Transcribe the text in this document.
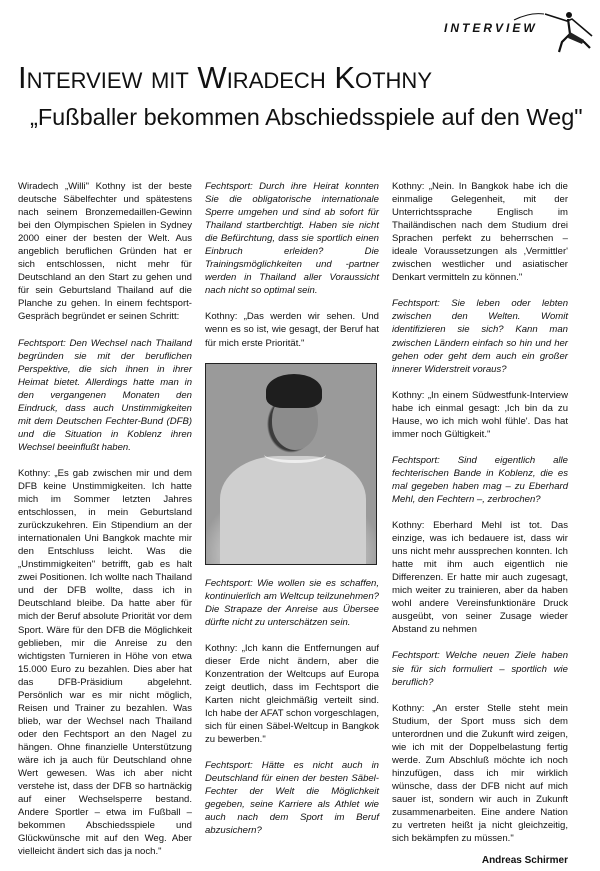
INTERVIEW
Interview mit Wiradech Kothny
„Fußballer bekommen Abschiedsspiele auf den Weg"

Wiradech „Willi" Kothny ist der beste deutsche Säbelfechter und spätestens nach seinem Bronzemedaillen-Gewinn bei den Olympischen Spielen in Sydney 2000 einer der besten der Welt. Aus angeblich beruflichen Gründen hat er sich entschlossen, nicht mehr für Deutschland an den Start zu gehen und für sein Geburtsland Thailand auf die Planche zu gehen. In einem fechtsport-Gespräch begründet er seinen Schritt:

Fechtsport: Den Wechsel nach Thailand begründen sie mit der beruflichen Perspektive, die sich ihnen in ihrer Heimat bietet. Allerdings hatte man in den vergangenen Monaten den Eindruck, dass auch Unstimmigkeiten mit dem Deutschen Fechter-Bund (DFB) und die Situation in Koblenz ihren Wechsel beeinflußt haben.

Kothny: „Es gab zwischen mir und dem DFB keine Unstimmigkeiten. Ich hatte mich im Sommer letzten Jahres entschlossen, in mein Geburtsland zurückzukehren. Ein Stipendium an der internationalen Uni Bangkok machte mir den Entschluss leicht. Was die „Unstimmigkeiten" betrifft, gab es halt zwei Positionen. Ich wollte nach Thailand und der DFB wollte, dass ich in Deutschland bleibe. Da hatte aber für mich der Beruf absolute Priorität vor dem Sport. Wäre für den DFB die Möglichkeit geblieben, mir die Anreise zu den wichtigsten Turnieren in Höhe von etwa 15.000 Euro zu bezahlen. Dies aber hat das DFB-Präsidium abgelehnt. Persönlich war es mir nicht möglich, Reisen und Trainer zu bezahlen. Was blieb, war der Wechsel nach Thailand oder den Fechtsport an den Nagel zu hängen. Ohne finanzielle Unterstützung wäre ich ja auch für Deutschland ohne Wert gewesen. Was ich aber nicht verstehe ist, dass der DFB so hartnäckig auf einer Wechselsperre bestand. Andere Sportler – etwa im Fußball – bekommen Abschiedsspiele und Glückwünsche mit auf den Weg. Aber vielleicht ändert sich das ja noch."

Fechtsport: Durch ihre Heirat konnten Sie die obligatorische internationale Sperre umgehen und sind ab sofort für Thailand startberchtigt. Haben sie nicht die Befürchtung, dass sie sportlich einen Einbruch erleiden? Die Trainingsmöglichkeiten und -partner werden in Thailand aller Voraussicht nach nicht so optimal sein.

Kothny: „Das werden wir sehen. Und wenn es so ist, wie gesagt, der Beruf hat für mich erste Priorität."

Fechtsport: Wie wollen sie es schaffen, kontinuierlich am Weltcup teilzunehmen? Die Strapaze der Anreise aus Übersee dürfte nicht zu unterschätzen sein.

Kothny: „Ich kann die Entfernungen auf dieser Erde nicht ändern, aber die Konzentration der Weltcups auf Europa zeigt deutlich, dass im Fechtsport die Karten nicht gleichmäßig verteilt sind. Ich habe der AFAT schon vorgeschlagen, sich für einen Säbel-Weltcup in Bangkok zu bewerben."

Fechtsport: Hätte es nicht auch in Deutschland für einen der besten Säbel-Fechter der Welt die Möglichkeit gegeben, seine Karriere als Athlet wie auch nach dem Sport im Beruf abzusichern?

Kothny: „Nein. In Bangkok habe ich die einmalige Gelegenheit, mit der Unterrichtssprache Englisch im Thailändischen nach dem Studium drei Sprachen perfekt zu beherrschen – ideale Voraussetzungen als ‚Vermittler' zwischen westlicher und asiatischer Denkart vermitteln zu können."

Fechtsport: Sie leben oder lebten zwischen den Welten. Womit identifizieren sie sich? Kann man zwischen Ländern einfach so hin und her gehen oder geht dem auch ein großer innerer Widerstreit voraus?

Kothny: „In einem Südwestfunk-Interview habe ich einmal gesagt: ‚Ich bin da zu Hause, wo ich mich wohl fühle'. Das hat immer noch Gültigkeit."

Fechtsport: Sind eigentlich alle fechterischen Bande in Koblenz, die es mal gegeben haben mag – zu Eberhard Mehl, den Fechtern –, zerbrochen?

Kothny: Eberhard Mehl ist tot. Das einzige, was ich bedauere ist, dass wir uns nicht mehr aussprechen konnten. Ich hatte mit ihm auch eigentlich nie Differenzen. Er hatte mir auch zugesagt, mich weiter zu trainieren, aber da haben wohl andere Vereinsfunktionäre Druck ausgeübt, von seiner Zusage wieder Abstand zu nehmen

Fechtsport: Welche neuen Ziele haben sie für sich formuliert – sportlich wie beruflich?

Kothny: „An erster Stelle steht mein Studium, der Sport muss sich dem unterordnen und die Zukunft wird zeigen, wie ich mit der Doppelbelastung fertig werde. Zum Abschluß möchte ich noch hinzufügen, dass ich mir wirklich wünsche, dass der DFB nicht auf mich sauer ist, sondern wir auch in Zukunft zusammenarbeiten. Eine andere Nation zu vertreten heißt ja nicht gleichzeitig, sich bekämpfen zu müssen."

Andreas Schirmer
